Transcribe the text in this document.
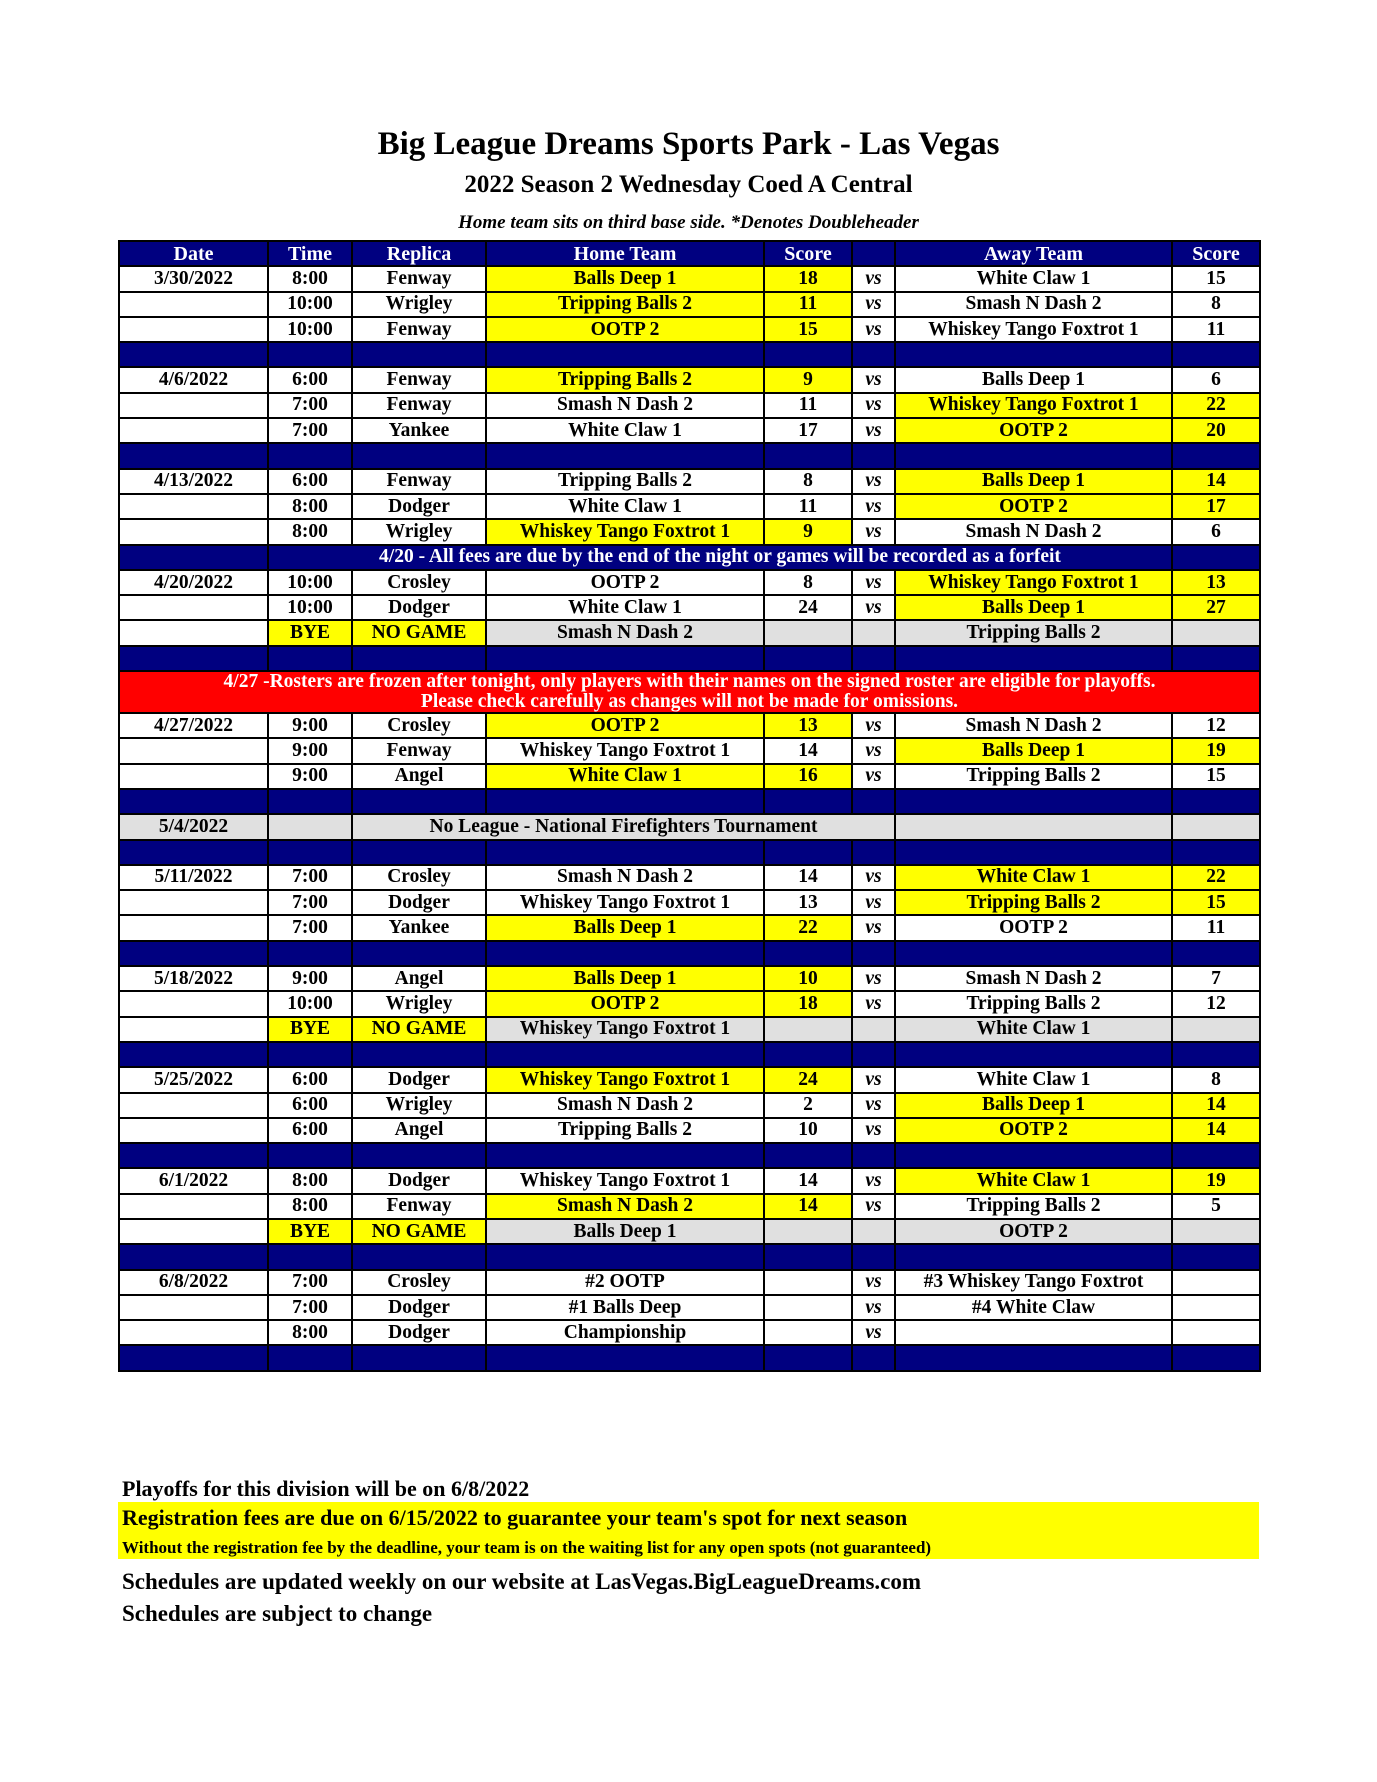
Big League Dreams Sports Park - Las Vegas
2022 Season 2 Wednesday Coed A Central
Home team sits on third base side. *Denotes Doubleheader
Date	Time	Replica	Home Team	Score		Away Team	Score
3/30/2022	8:00	Fenway	Balls Deep 1	18	vs	White Claw 1	15
	10:00	Wrigley	Tripping Balls 2	11	vs	Smash N Dash 2	8
	10:00	Fenway	OOTP 2	15	vs	Whiskey Tango Foxtrot 1	11

4/6/2022	6:00	Fenway	Tripping Balls 2	9	vs	Balls Deep 1	6
	7:00	Fenway	Smash N Dash 2	11	vs	Whiskey Tango Foxtrot 1	22
	7:00	Yankee	White Claw 1	17	vs	OOTP 2	20

4/13/2022	6:00	Fenway	Tripping Balls 2	8	vs	Balls Deep 1	14
	8:00	Dodger	White Claw 1	11	vs	OOTP 2	17
	8:00	Wrigley	Whiskey Tango Foxtrot 1	9	vs	Smash N Dash 2	6
	4/20 - All fees are due by the end of the night or games will be recorded as a forfeit						
4/20/2022	10:00	Crosley	OOTP 2	8	vs	Whiskey Tango Foxtrot 1	13
	10:00	Dodger	White Claw 1	24	vs	Balls Deep 1	27
	BYE	NO GAME	Smash N Dash 2			Tripping Balls 2	

4/27 -Rosters are frozen after tonight, only players with their names on the signed roster are eligible for playoffs.
Please check carefully as changes will not be made for omissions.							

4/27/2022	9:00	Crosley	OOTP 2	13	vs	Smash N Dash 2	12
	9:00	Fenway	Whiskey Tango Foxtrot 1	14	vs	Balls Deep 1	19
	9:00	Angel	White Claw 1	16	vs	Tripping Balls 2	15

5/4/2022		No League - National Firefighters Tournament					

5/11/2022	7:00	Crosley	Smash N Dash 2	14	vs	White Claw 1	22
	7:00	Dodger	Whiskey Tango Foxtrot 1	13	vs	Tripping Balls 2	15
	7:00	Yankee	Balls Deep 1	22	vs	OOTP 2	11

5/18/2022	9:00	Angel	Balls Deep 1	10	vs	Smash N Dash 2	7
	10:00	Wrigley	OOTP 2	18	vs	Tripping Balls 2	12
	BYE	NO GAME	Whiskey Tango Foxtrot 1			White Claw 1	

5/25/2022	6:00	Dodger	Whiskey Tango Foxtrot 1	24	vs	White Claw 1	8
	6:00	Wrigley	Smash N Dash 2	2	vs	Balls Deep 1	14
	6:00	Angel	Tripping Balls 2	10	vs	OOTP 2	14

6/1/2022	8:00	Dodger	Whiskey Tango Foxtrot 1	14	vs	White Claw 1	19
	8:00	Fenway	Smash N Dash 2	14	vs	Tripping Balls 2	5
	BYE	NO GAME	Balls Deep 1			OOTP 2	

6/8/2022	7:00	Crosley	#2 OOTP		vs	#3 Whiskey Tango Foxtrot	
	7:00	Dodger	#1 Balls Deep		vs	#4 White Claw	
	8:00	Dodger	Championship		vs		

Playoffs for this division will be on 6/8/2022
Registration fees are due on 6/15/2022 to guarantee your team's spot for next season
Without the registration fee by the deadline, your team is on the waiting list for any open spots (not guaranteed)
Schedules are updated weekly on our website at LasVegas.BigLeagueDreams.com
Schedules are subject to change
